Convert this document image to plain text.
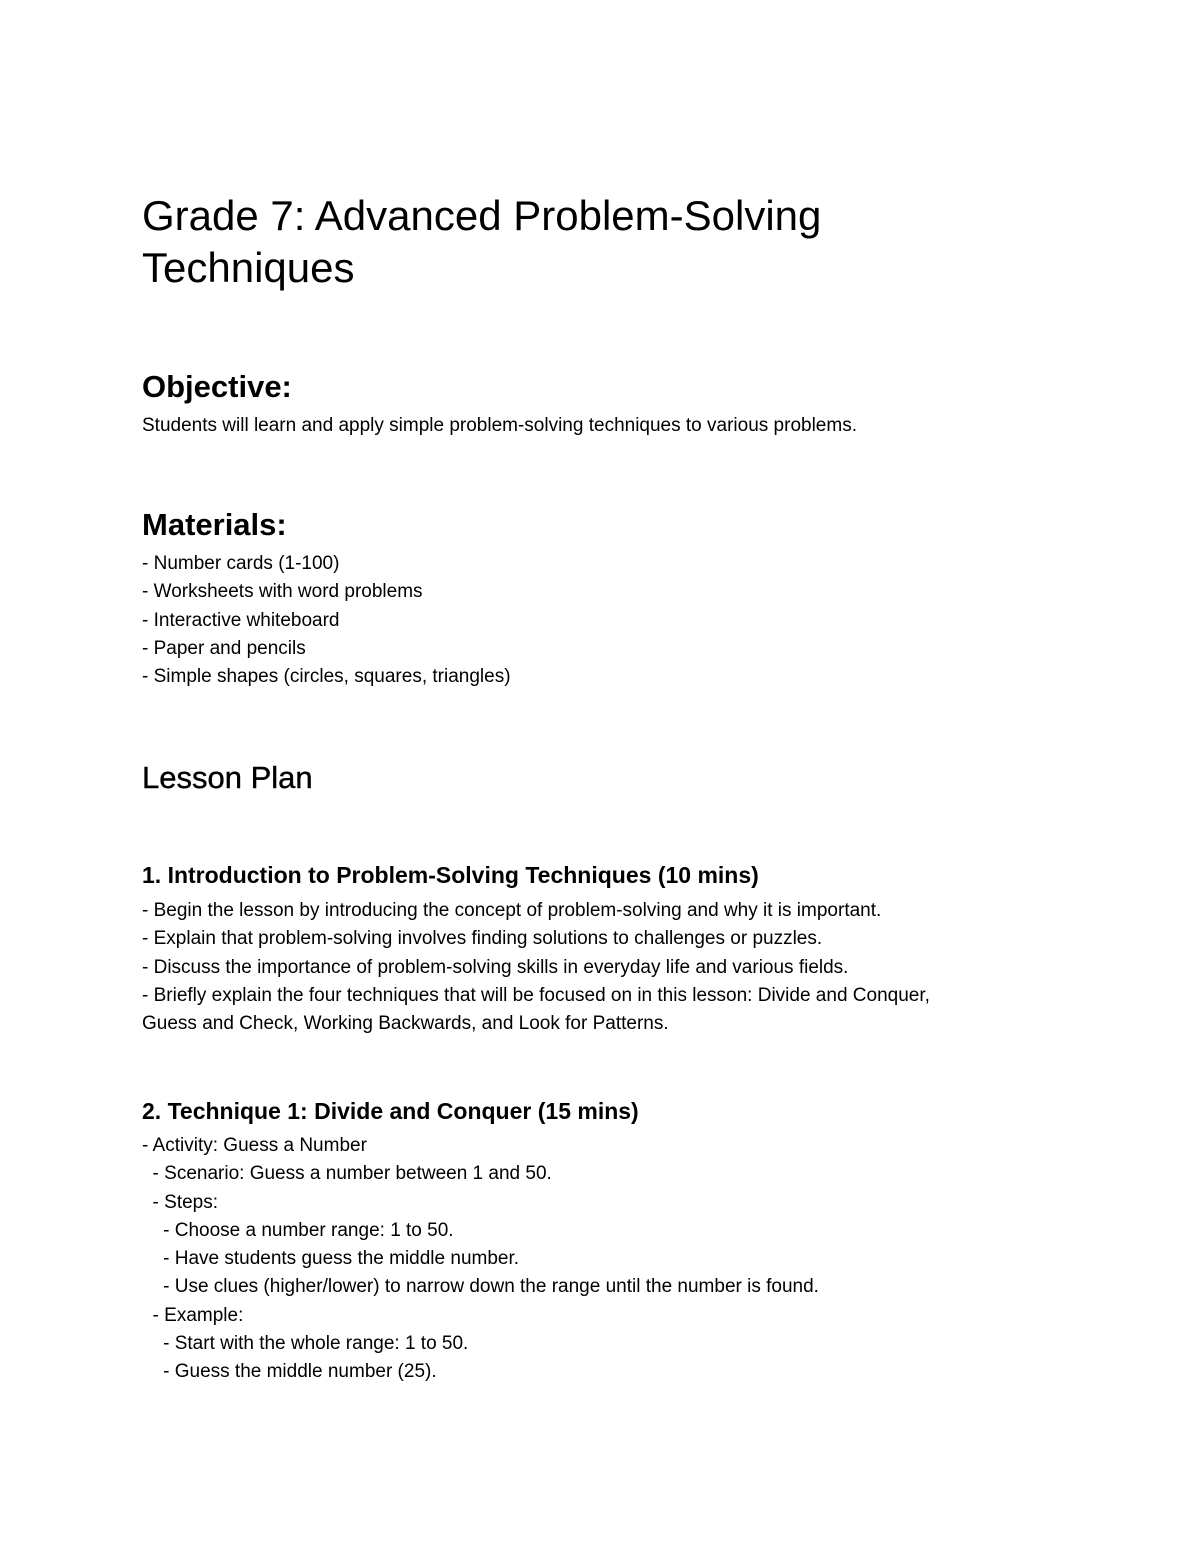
Grade 7: Advanced Problem-Solving
Techniques
Objective:

Students will learn and apply simple problem-solving techniques to various problems.

Materials:
- Number cards (1-100)
- Worksheets with word problems
- Interactive whiteboard
- Paper and pencils
- Simple shapes (circles, squares, triangles)
Lesson Plan
1. Introduction to Problem-Solving Techniques (10 mins)
- Begin the lesson by introducing the concept of problem-solving and why it is important.
- Explain that problem-solving involves finding solutions to challenges or puzzles.
- Discuss the importance of problem-solving skills in everyday life and various fields.
- Briefly explain the four techniques that will be focused on in this lesson: Divide and Conquer,
Guess and Check, Working Backwards, and Look for Patterns.
2. Technique 1: Divide and Conquer (15 mins)
- Activity: Guess a Number
- Scenario: Guess a number between 1 and 50.
- Steps:
- Choose a number range: 1 to 50.
- Have students guess the middle number.
- Use clues (higher/lower) to narrow down the range until the number is found.
- Example:
- Start with the whole range: 1 to 50.
- Guess the middle number (25).
